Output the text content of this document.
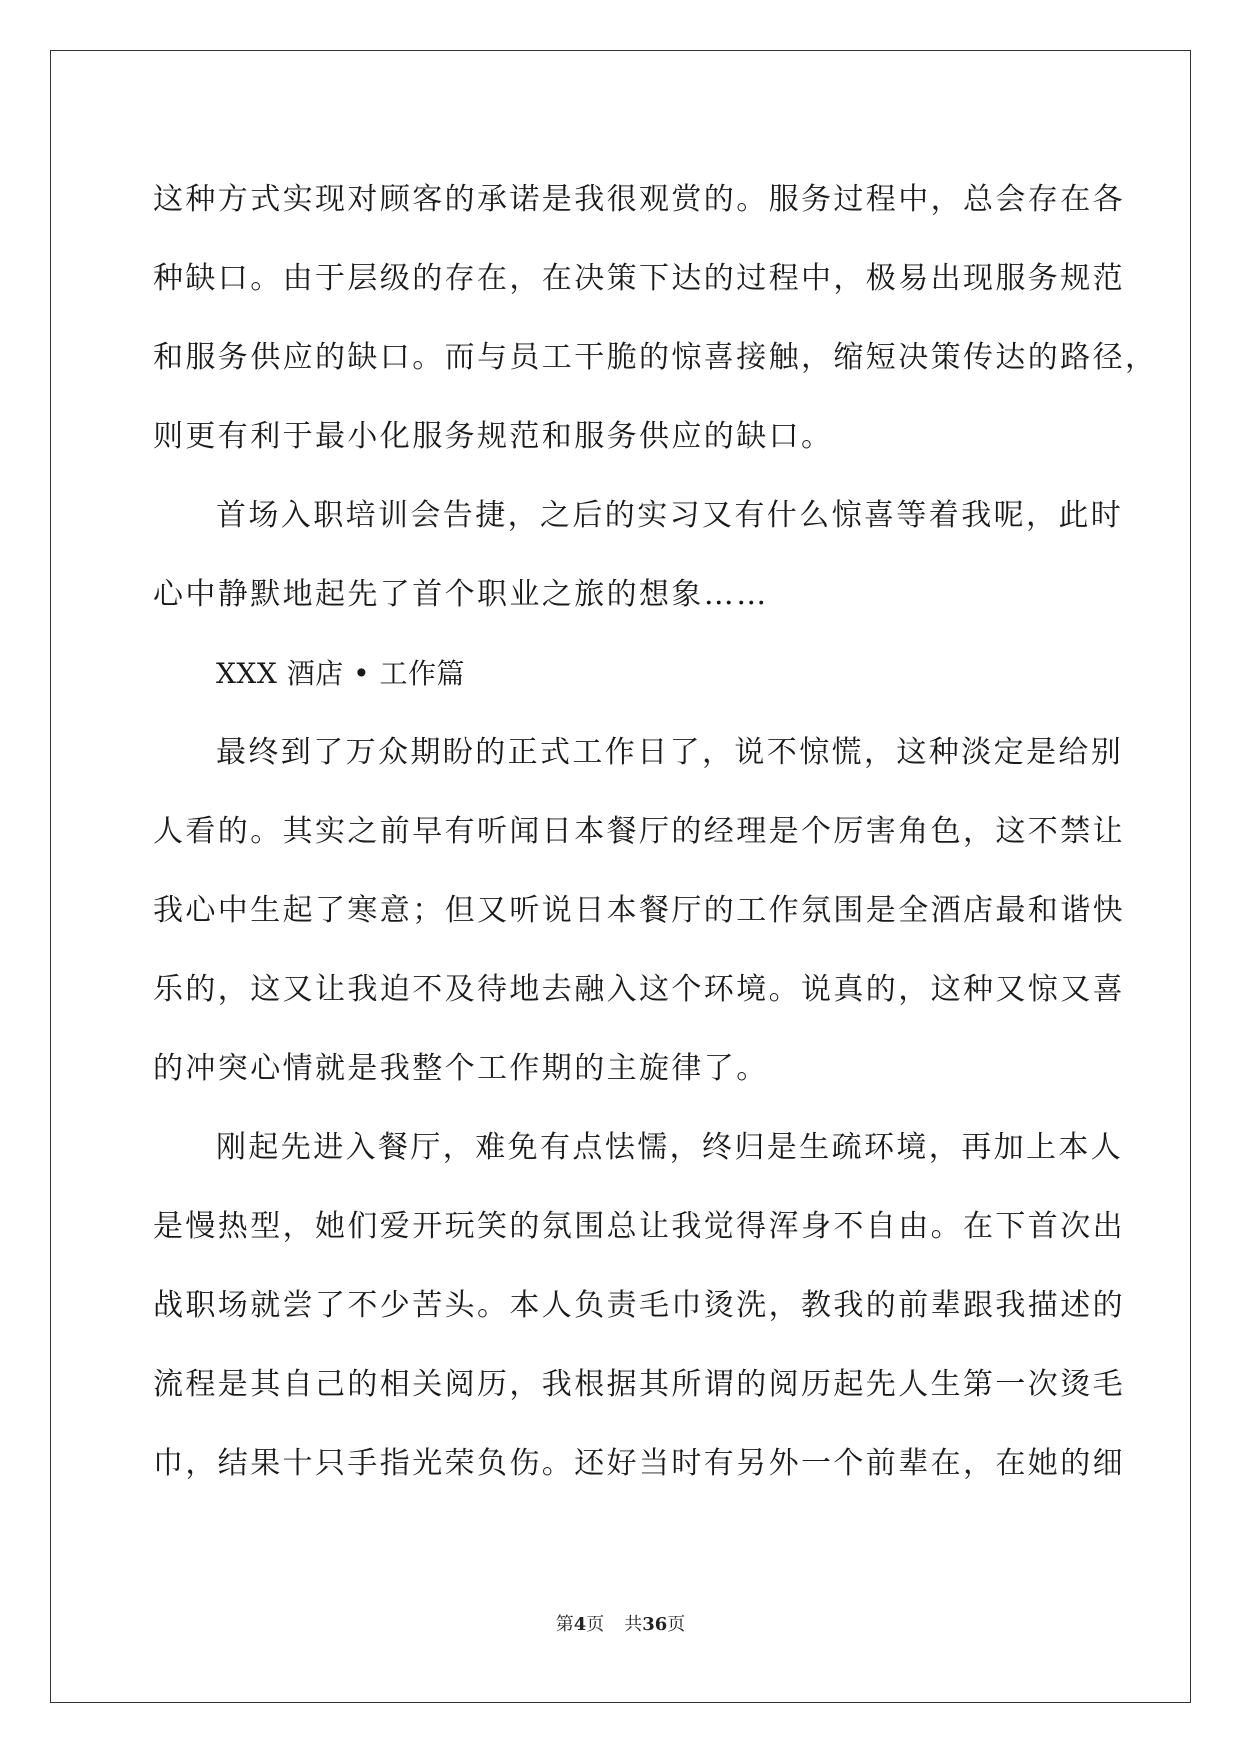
这种方式实现对顾客的承诺是我很观赏的。服务过程中，总会存在各
种缺口。由于层级的存在，在决策下达的过程中，极易出现服务规范
和服务供应的缺口。而与员工干脆的惊喜接触，缩短决策传达的路径，
则更有利于最小化服务规范和服务供应的缺口。
首场入职培训会告捷，之后的实习又有什么惊喜等着我呢，此时
心中静默地起先了首个职业之旅的想象……
XXX 酒店 • 工作篇
最终到了万众期盼的正式工作日了，说不惊慌，这种淡定是给别
人看的。其实之前早有听闻日本餐厅的经理是个厉害角色，这不禁让
我心中生起了寒意；但又听说日本餐厅的工作氛围是全酒店最和谐快
乐的，这又让我迫不及待地去融入这个环境。说真的，这种又惊又喜
的冲突心情就是我整个工作期的主旋律了。
刚起先进入餐厅，难免有点怯懦，终归是生疏环境，再加上本人
是慢热型，她们爱开玩笑的氛围总让我觉得浑身不自由。在下首次出
战职场就尝了不少苦头。本人负责毛巾烫洗，教我的前辈跟我描述的
流程是其自己的相关阅历，我根据其所谓的阅历起先人生第一次烫毛
巾，结果十只手指光荣负伤。还好当时有另外一个前辈在，在她的细
第4页 共36页
